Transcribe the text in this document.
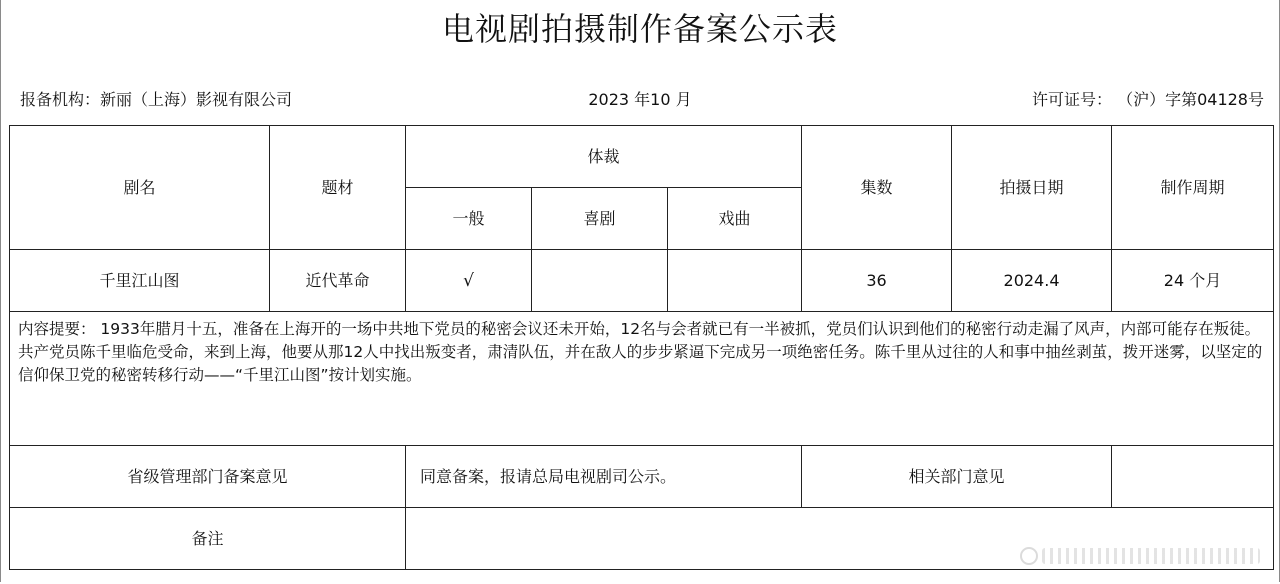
电视剧拍摄制作备案公示表
报备机构：新丽（上海）影视有限公司	2023 年10 月	许可证号： （沪）字第04128号
剧名	题材	体裁			集数	拍摄日期	制作周期
		一般	喜剧	戏曲			
千里江山图	近代革命	√			36	2024.4	24 个月
内容提要： 1933年腊月十五，准备在上海开的一场中共地下党员的秘密会议还未开始，12名与会者就已有一半被抓，党员们认识到他们的秘密行动走漏了风声，内部可能存在叛徒。共产党员陈千里临危受命，来到上海，他要从那12人中找出叛变者，肃清队伍，并在敌人的步步紧逼下完成另一项绝密任务。陈千里从过往的人和事中抽丝剥茧，拨开迷雾，以坚定的信仰保卫党的秘密转移行动——“千里江山图”按计划实施。							
省级管理部门备案意见		同意备案，报请总局电视剧司公示。			相关部门意见		
备注							
